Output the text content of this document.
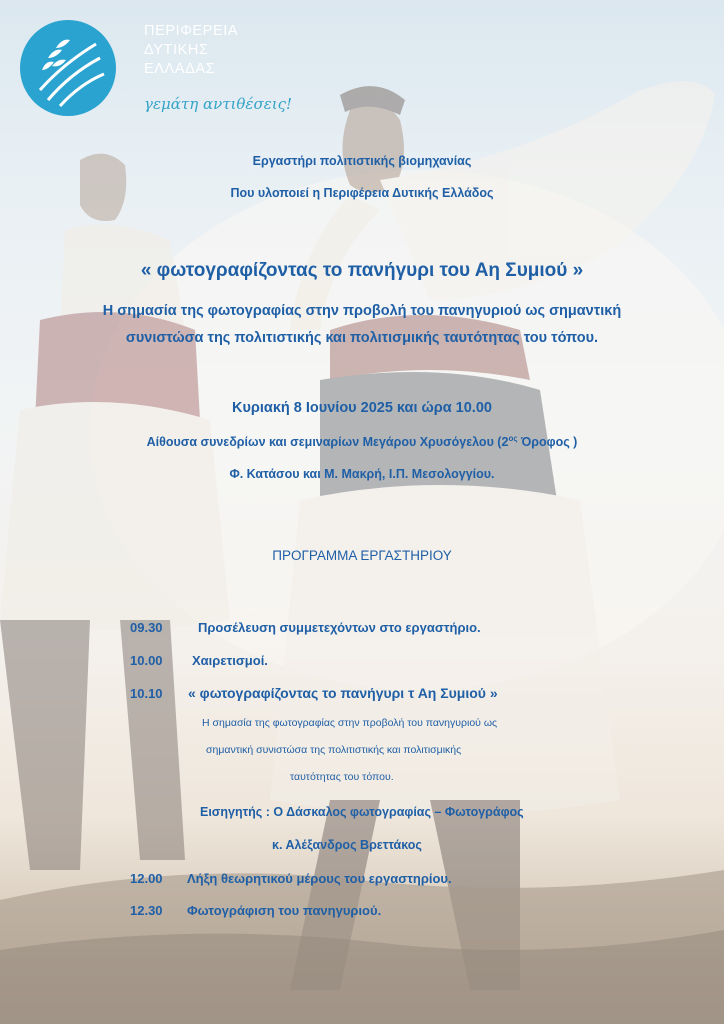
ΠΕΡΙΦΕΡΕΙΑ
ΔΥΤΙΚΗΣ
ΕΛΛΑΔΑΣ
γεμάτη αντιθέσεις!
Εργαστήρι πολιτιστικής βιομηχανίας
Που υλοποιεί η Περιφέρεια Δυτικής Ελλάδος
« φωτογραφίζοντας το πανήγυρι του Αη Συμιού »
Η σημασία της φωτογραφίας στην προβολή του πανηγυριού ως σημαντική
συνιστώσα της πολιτιστικής και πολιτισμικής ταυτότητας του τόπου.
Κυριακή 8 Ιουνίου 2025 και ώρα 10.00
Αίθουσα συνεδρίων και σεμιναρίων Μεγάρου Χρυσόγελου ($2^{o\varsigma}$ Όροφος )
Φ. Κατάσου και Μ. Μακρή, Ι.Π. Μεσολογγίου.
ΠΡΟΓΡΑΜΜΑ ΕΡΓΑΣΤΗΡΙΟΥ
09.30	Προσέλευση συμμετεχόντων στο εργαστήριο.
10.00 Χαιρετισμοί.
10.10 « φωτογραφίζοντας το πανήγυρι τ Αη Συμιού »
Η σημασία της φωτογραφίας στην προβολή του πανηγυριού ως
σημαντική συνιστώσα της πολιτιστικής και πολιτισμικής
ταυτότητας του τόπου.
Εισηγητής : Ο Δάσκαλος φωτογραφίας – Φωτογράφος
κ. Αλέξανδρος Βρεττάκος
12.00 Λήξη θεωρητικού μέρους του εργαστηρίου.
12.30 Φωτογράφιση του πανηγυριού.
